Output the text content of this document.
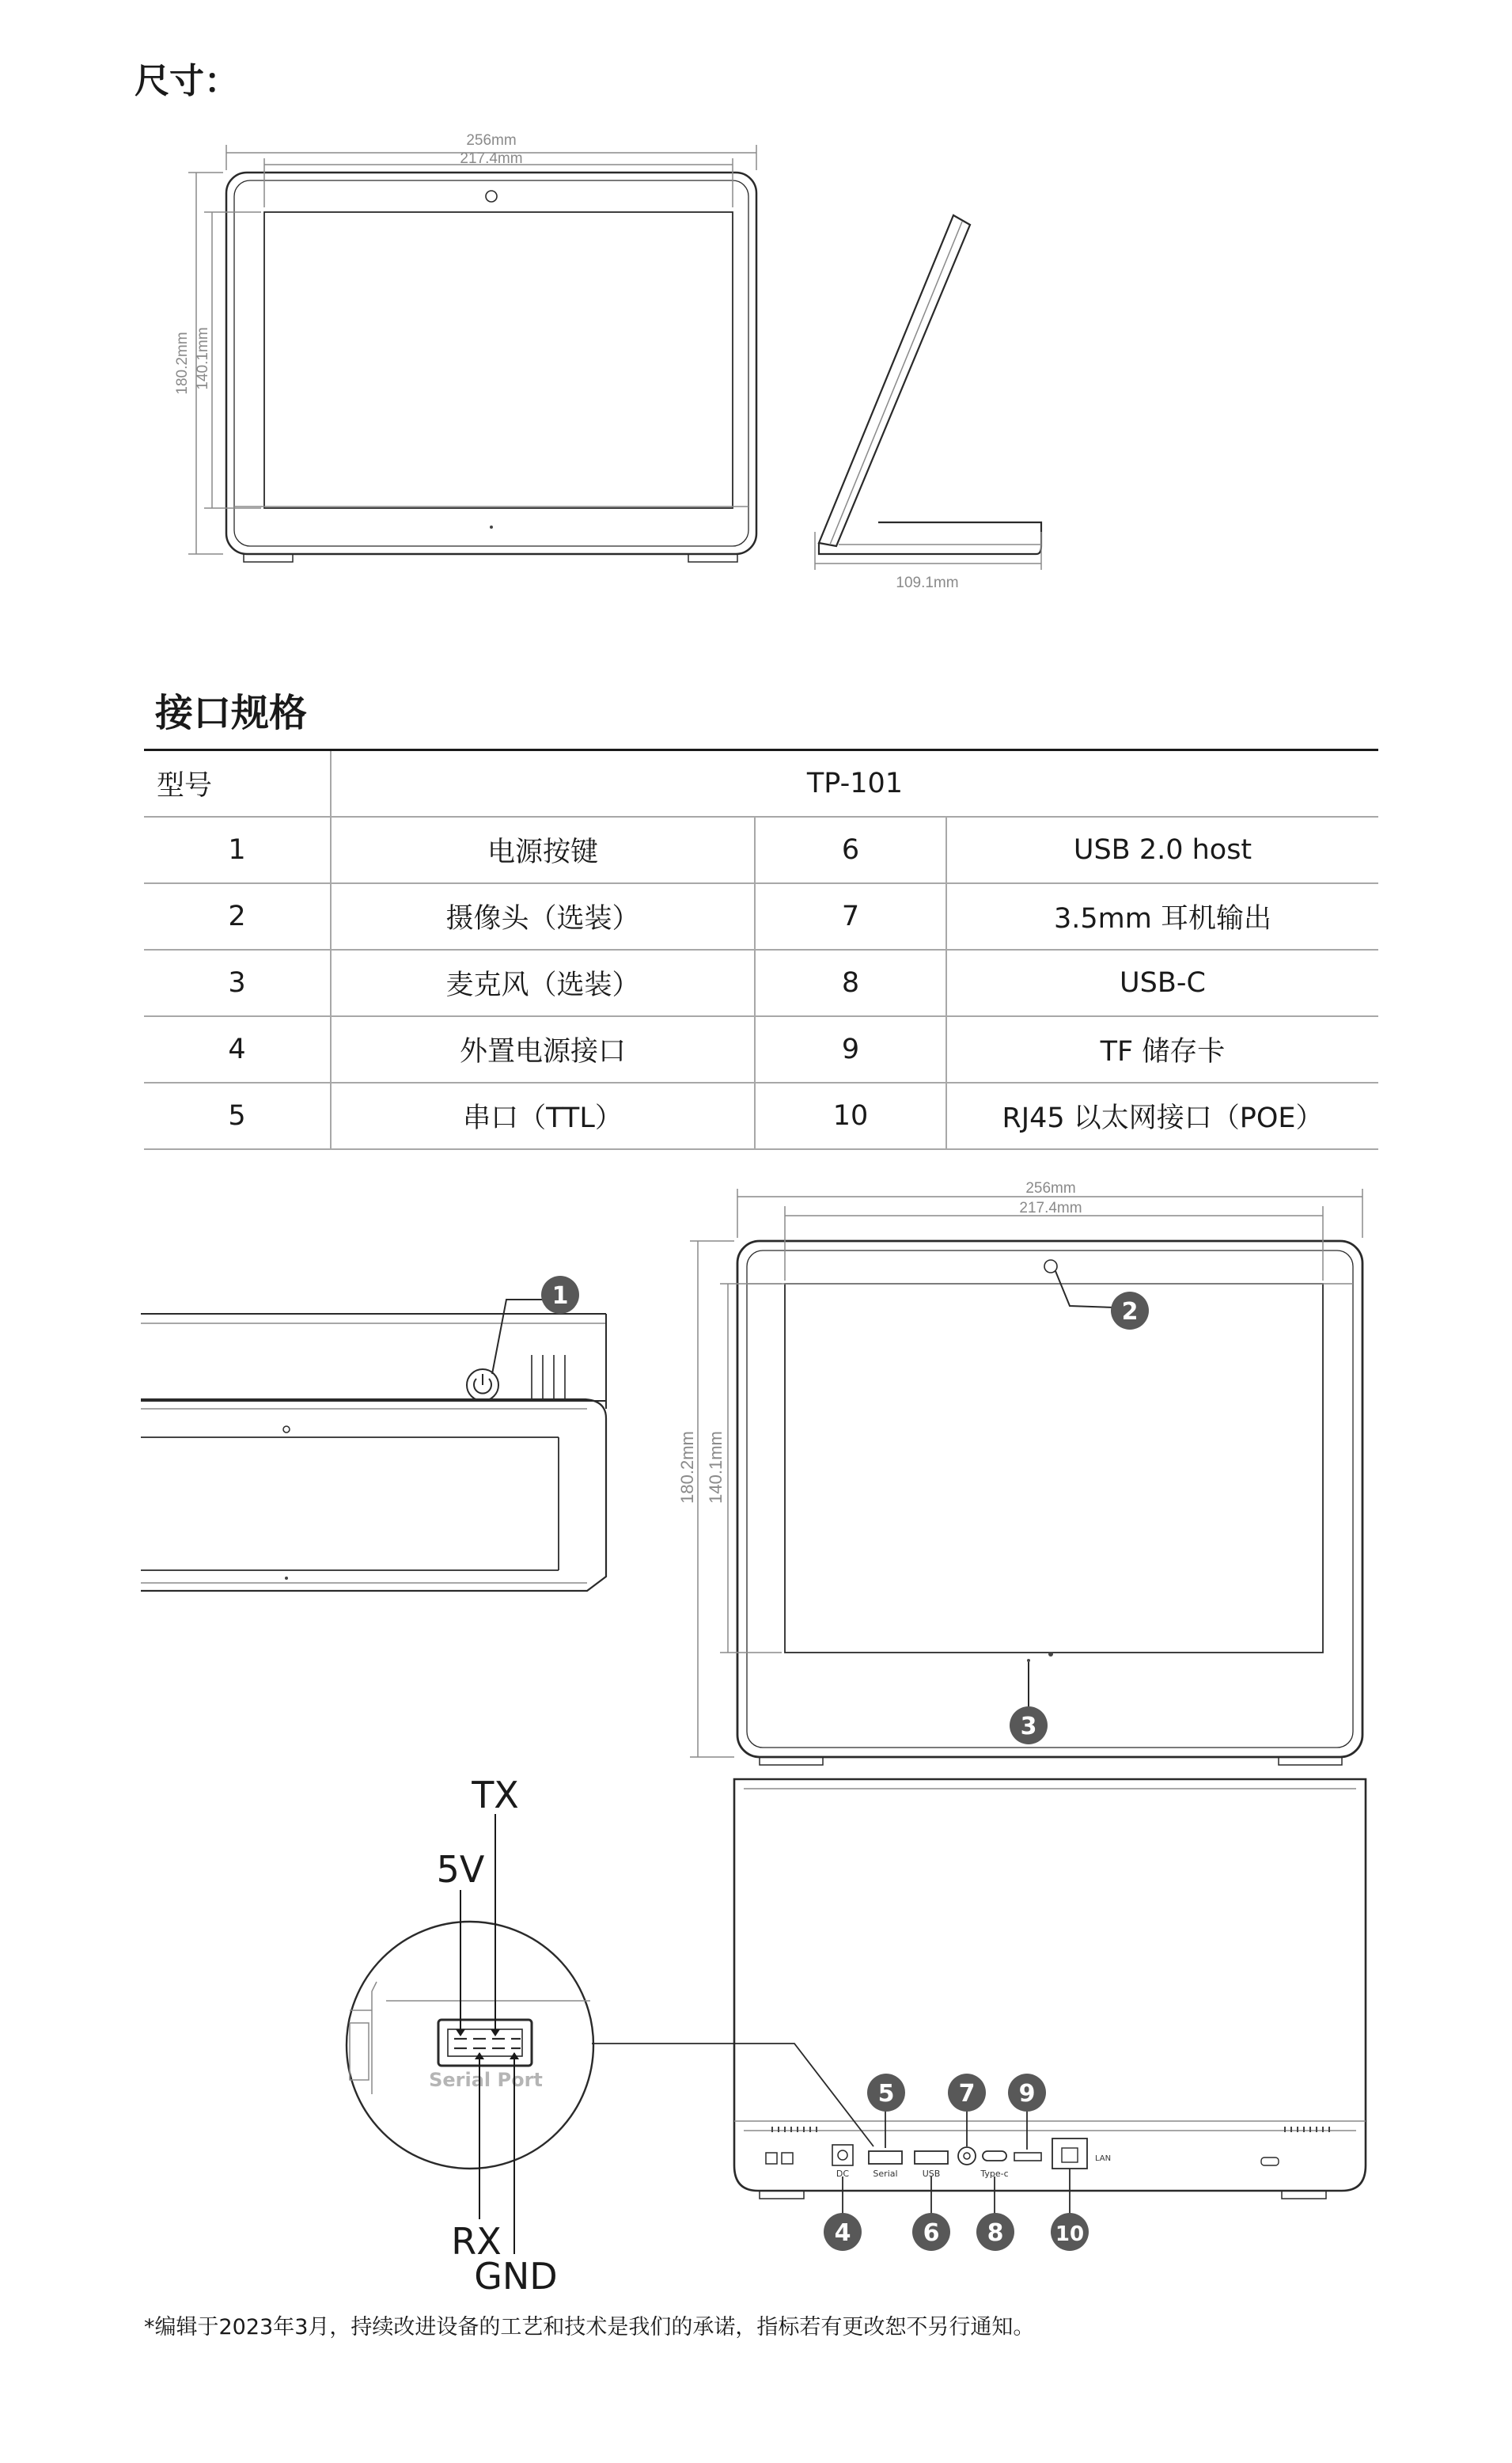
尺寸：
256mm
217.4mm
180.2mm 140.1mm
109.1mm
接口规格
型号	TP-101		
1	电源按键	6	USB 2.0 host
2	摄像头（选装）	7	3.5mm 耳机输出
3	麦克风（选装）	8	USB-C
4	外置电源接口	9	TF 储存卡
5	串口（TTL）	10	RJ45 以太网接口（POE）
256mm
217.4mm
180.2mm 140.1mm
1
2
3
DC	Serial	USB	Type-c
LAN
4
5
6
7
8
9
10
Serial Port
TX
5V
RX
GND
*编辑于2023年3月，持续改进设备的工艺和技术是我们的承诺，指标若有更改恕不另行通知。
